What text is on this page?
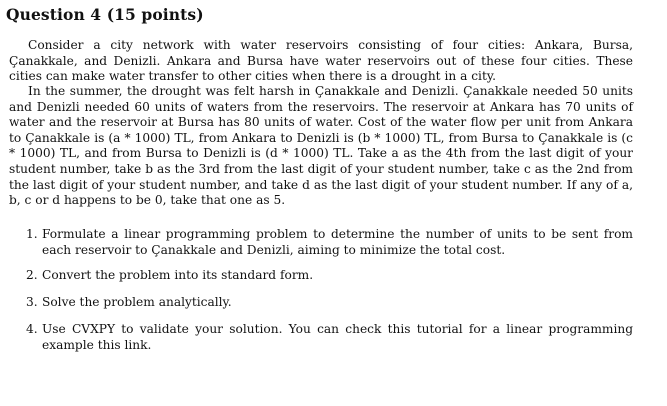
Question 4 (15 points)

Consider a city network with water reservoirs consisting of four cities: Ankara, Bursa, Çanakkale, and Denizli. Ankara and Bursa have water reservoirs out of these four cities. These cities can make water transfer to other cities when there is a drought in a city.

In the summer, the drought was felt harsh in Çanakkale and Denizli. Çanakkale needed 50 units and Denizli needed 60 units of waters from the reservoirs. The reservoir at Ankara has 70 units of water and the reservoir at Bursa has 80 units of water. Cost of the water flow per unit from Ankara to Çanakkale is (a * 1000) TL, from Ankara to Denizli is (b * 1000) TL, from Bursa to Çanakkale is (c * 1000) TL, and from Bursa to Denizli is (d * 1000) TL. Take a as the 4th from the last digit of your student number, take b as the 3rd from the last digit of your student number, take c as the 2nd from the last digit of your student number, and take d as the last digit of your student number. If any of a, b, c or d happens to be 0, take that one as 5.

1. Formulate a linear programming problem to determine the number of units to be sent from each reservoir to Çanakkale and Denizli, aiming to minimize the total cost.
2. Convert the problem into its standard form.
3. Solve the problem analytically.
4. Use CVXPY to validate your solution. You can check this tutorial for a linear programming example this link.
